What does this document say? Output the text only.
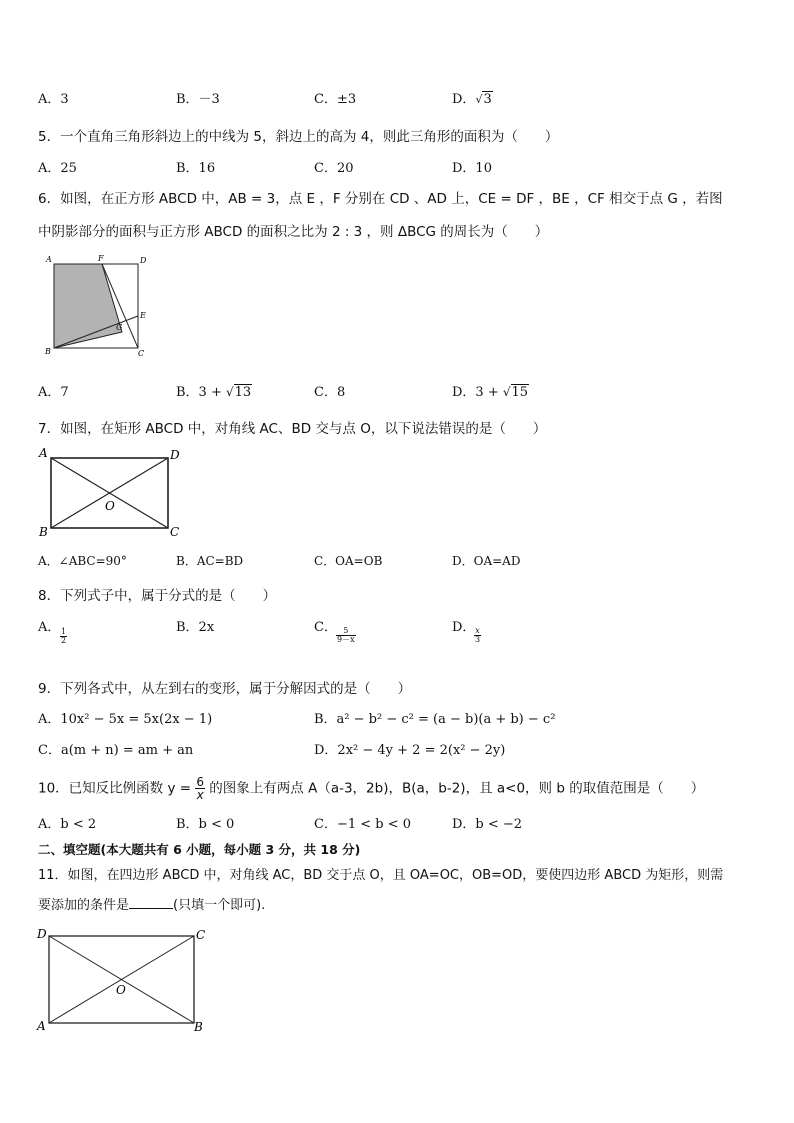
A．3	B．－3	C．±3	D．√3
5．一个直角三角形斜边上的中线为 5，斜边上的高为 4，则此三角形的面积为（　　）
A．25	B．16	C．20	D．10
6．如图，在正方形 ABCD 中，AB = 3，点 E ，F 分别在 CD 、AD 上，CE = DF ，BE ，CF 相交于点 G ，若图
中阴影部分的面积与正方形 ABCD 的面积之比为 2 : 3 ，则 ΔBCG 的周长为（　　）
A	F	D
E
G
B	C
A．7	B．3 + √13	C．8	D．3 + √15
7．如图，在矩形 ABCD 中，对角线 AC、BD 交与点 O，以下说法错误的是（　　）
A	D
O
B	C
A．∠ABC=90°	B．AC=BD	C．OA=OB	D．OA=AD
8．下列式子中，属于分式的是（　　）
A．
$\frac{1}{2}$
B．2x	C． $\frac{5}{9-x}$	D．
$\frac{x}{3}$
9．下列各式中，从左到右的变形，属于分解因式的是（　　）
A．10x² − 5x = 5x(2x − 1)	B．a² − b² − c² = (a − b)(a + b) − c²
C．a(m + n) = am + an	D．2x² − 4y + 2 = 2(x² − 2y)
10．已知反比例函数 $y = \frac{6}{x}$ 的图象上有两点 A（a-3，2b)，B(a，b-2)，且 a<0，则 b 的取值范围是（　　）
A．b < 2	B．b < 0	C．−1 < b < 0	D．b < −2
二、填空题(本大题共有 6 小题，每小题 3 分，共 18 分)
11．如图，在四边形 ABCD 中，对角线 AC，BD 交于点 O，且 OA=OC，OB=OD，要使四边形 ABCD 为矩形，则需
要添加的条件是	(只填一个即可).
D	C
O
A	B
